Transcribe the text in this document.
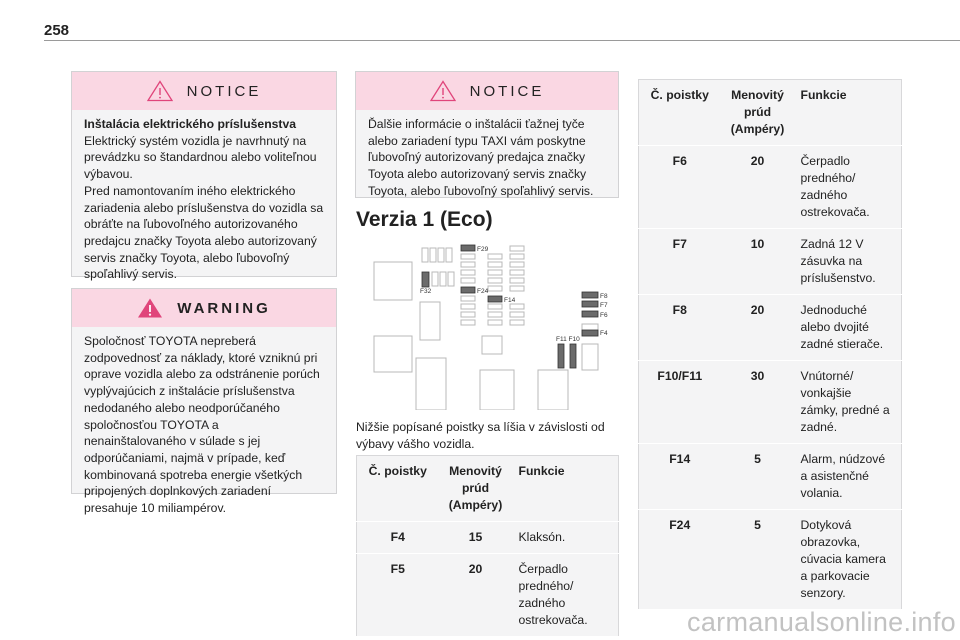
258
NOTICE

Inštalácia elektrického príslušenstva

Elektrický systém vozidla je navrhnutý na prevádzku so štandardnou alebo voliteľnou výbavou.

Pred namontovaním iného elektrického zariadenia alebo príslušenstva do vozidla sa obráťte na ľubovoľného autorizovaného predajcu značky Toyota alebo autorizovaný servis značky Toyota, alebo ľubovoľný spoľahlivý servis.

WARNING

Spoločnosť TOYOTA nepreberá zodpovednosť za náklady, ktoré vzniknú pri oprave vozidla alebo za odstránenie porúch vyplývajúcich z inštalácie príslušenstva nedodaného alebo neodporúčaného spoločnosťou TOYOTA a nenainštalovaného v súlade s jej odporúčaniami, najmä v prípade, keď kombinovaná spotreba energie všetkých pripojených doplnkových zariadení presahuje 10 miliampérov.

NOTICE

Ďalšie informácie o inštalácii ťažnej tyče alebo zariadení typu TAXI vám poskytne ľubovoľný autorizovaný predajca značky Toyota alebo autorizovaný servis značky Toyota, alebo ľubovoľný spoľahlivý servis.

Verzia 1 (Eco)
F29
F32	F24
F14
F8
F7
F6
F4
F11 F10
Nižšie popísané poistky sa líšia v závislosti od výbavy vášho vozidla.
Č. poistky	Menovitý
prúd
(Ampéry)	Funkcie
F4	15	Klaksón.
F5	20	Čerpadlo predného/ zadného ostrekovača.
Č. poistky	Menovitý
prúd
(Ampéry)	Funkcie
F6	20	Čerpadlo predného/ zadného ostrekovača.
F7	10	Zadná 12 V zásuvka na príslušenstvo.
F8	20	Jednoduché alebo dvojité zadné stierače.
F10/F11	30	Vnútorné/ vonkajšie zámky, predné a zadné.
F14	5	Alarm, núdzové a asistenčné volania.
F24	5	Dotyková obrazovka, cúvacia kamera a parkovacie senzory.
carmanualsonline.info
